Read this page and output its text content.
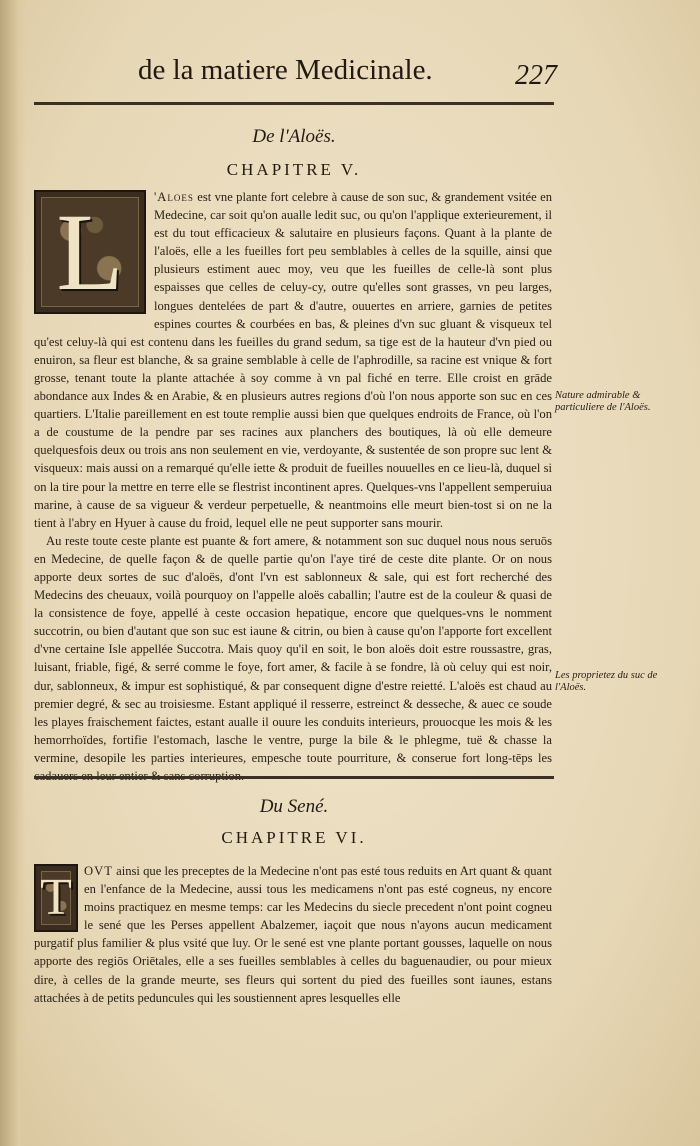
de la matiere Medicinale.	227
De l'Aloës.
CHAPITRE V.

L 'Aloes est vne plante fort celebre à cause de son suc, & grandement vsitée en Medecine, car soit qu'on aualle ledit suc, ou qu'on l'applique exterieurement, il est du tout efficacieux & salutaire en plusieurs façons. Quant à la plante de l'aloës, elle a les fueilles fort peu semblables à celles de la squille, ainsi que plusieurs estiment auec moy, veu que les fueilles de celle-là sont plus espaisses que celles de celuy-cy, outre qu'elles sont grasses, vn peu larges, longues dentelées de part & d'autre, ouuertes en arriere, garnies de petites espines courtes & courbées en bas, & pleines d'vn suc gluant & visqueux tel qu'est celuy-là qui est contenu dans les fueilles du grand sedum, sa tige est de la hauteur d'vn pied ou enuiron, sa fleur est blanche, & sa graine semblable à celle de l'aphrodille, sa racine est vnique & fort grosse, tenant toute la plante attachée à soy comme à vn pal fiché en terre. Elle croist en grāde abondance aux Indes & en Arabie, & en plusieurs autres regions d'où l'on nous apporte son suc en ces quartiers. L'Italie pareillement en est toute remplie aussi bien que quelques endroits de France, où l'on a de coustume de la pendre par ses racines aux planchers des boutiques, là où elle demeure quelquesfois deux ou trois ans non seulement en vie, verdoyante, & sustentée de son propre suc lent & visqueux: mais aussi on a remarqué qu'elle iette & produit de fueilles nouuelles en ce lieu-là, duquel si on la tire pour la mettre en terre elle se flestrist incontinent apres. Quelques-vns l'appellent semperuiua marine, à cause de sa vigueur & verdeur perpetuelle, & neantmoins elle meurt bien-tost si on ne la tient à l'abry en Hyuer à cause du froid, lequel elle ne peut supporter sans mourir.

Au reste toute ceste plante est puante & fort amere, & notamment son suc duquel nous nous seruōs en Medecine, de quelle façon & de quelle partie qu'on l'aye tiré de ceste dite plante. Or on nous apporte deux sortes de suc d'aloës, d'ont l'vn est sablonneux & sale, qui est fort recherché des Medecins des cheuaux, voilà pourquoy on l'appelle aloës caballin; l'autre est de la couleur & quasi de la consistence de foye, appellé à ceste occasion hepatique, encore que quelques-vns le nomment succotrin, ou bien d'autant que son suc est iaune & citrin, ou bien à cause qu'on l'apporte fort excellent d'vne certaine Isle appellée Succotra. Mais quoy qu'il en soit, le bon aloës doit estre roussastre, gras, luisant, friable, figé, & serré comme le foye, fort amer, & facile à se fondre, là où celuy qui est noir, dur, sablonneux, & impur est sophistiqué, & par consequent digne d'estre reietté. L'aloës est chaud au premier degré, & sec au troisiesme. Estant appliqué il resserre, estreinct & desseche, & auec ce soude les playes fraischement faictes, estant aualle il ouure les conduits interieurs, prouocque les mois & les hemorrhoïdes, fortifie l'estomach, lasche le ventre, purge la bile & le phlegme, tuë & chasse la vermine, desopile les parties interieures, empesche toute pourriture, & conserue fort long-tēps les

Nature admirable & particuliere de l'Aloës.
Les proprietez du suc de l'Aloës.
Du Sené.
CHAPITRE VI.

T OVT ainsi que les preceptes de la Medecine n'ont pas esté tous reduits en Art quant & quant en l'enfance de la Medecine, aussi tous les medicamens n'ont pas esté cogneus, ny encore moins practiquez en mesme temps: car les Medecins du siecle precedent n'ont point cogneu le sené que les Perses appellent Abalzemer, iaçoit que nous n'ayons aucun medicament purgatif plus familier & plus vsité que luy. Or le sené est vne plante portant gousses, laquelle on nous apporte des regiōs Oriētales, elle a ses fueilles semblables à celles du baguenaudier, ou pour mieux dire, à celles de la grande meurte, ses fleurs qui sortent du pied des fueilles sont iaunes, estans attachées à de petits peduncules qui les soustiennent apres lesquelles elle
